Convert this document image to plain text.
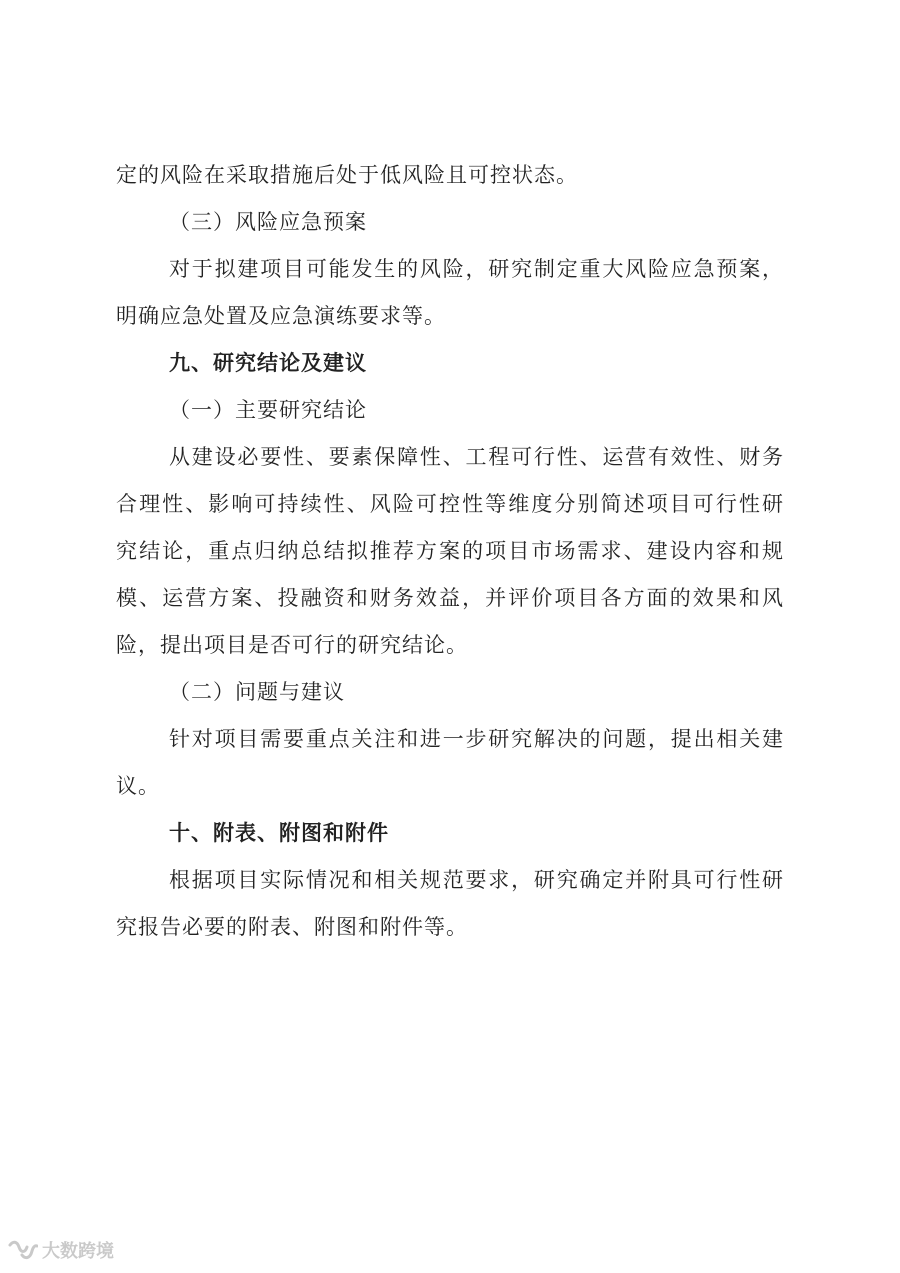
定的风险在采取措施后处于低风险且可控状态。
（三）风险应急预案
对于拟建项目可能发生的风险，研究制定重大风险应急预案，
明确应急处置及应急演练要求等。
九、研究结论及建议
（一）主要研究结论
从建设必要性、要素保障性、工程可行性、运营有效性、财务
合理性、影响可持续性、风险可控性等维度分别简述项目可行性研
究结论，重点归纳总结拟推荐方案的项目市场需求、建设内容和规
模、运营方案、投融资和财务效益，并评价项目各方面的效果和风
险，提出项目是否可行的研究结论。
（二）问题与建议
针对项目需要重点关注和进一步研究解决的问题，提出相关建
议。
十、附表、附图和附件
根据项目实际情况和相关规范要求，研究确定并附具可行性研
究报告必要的附表、附图和附件等。
大数跨境
